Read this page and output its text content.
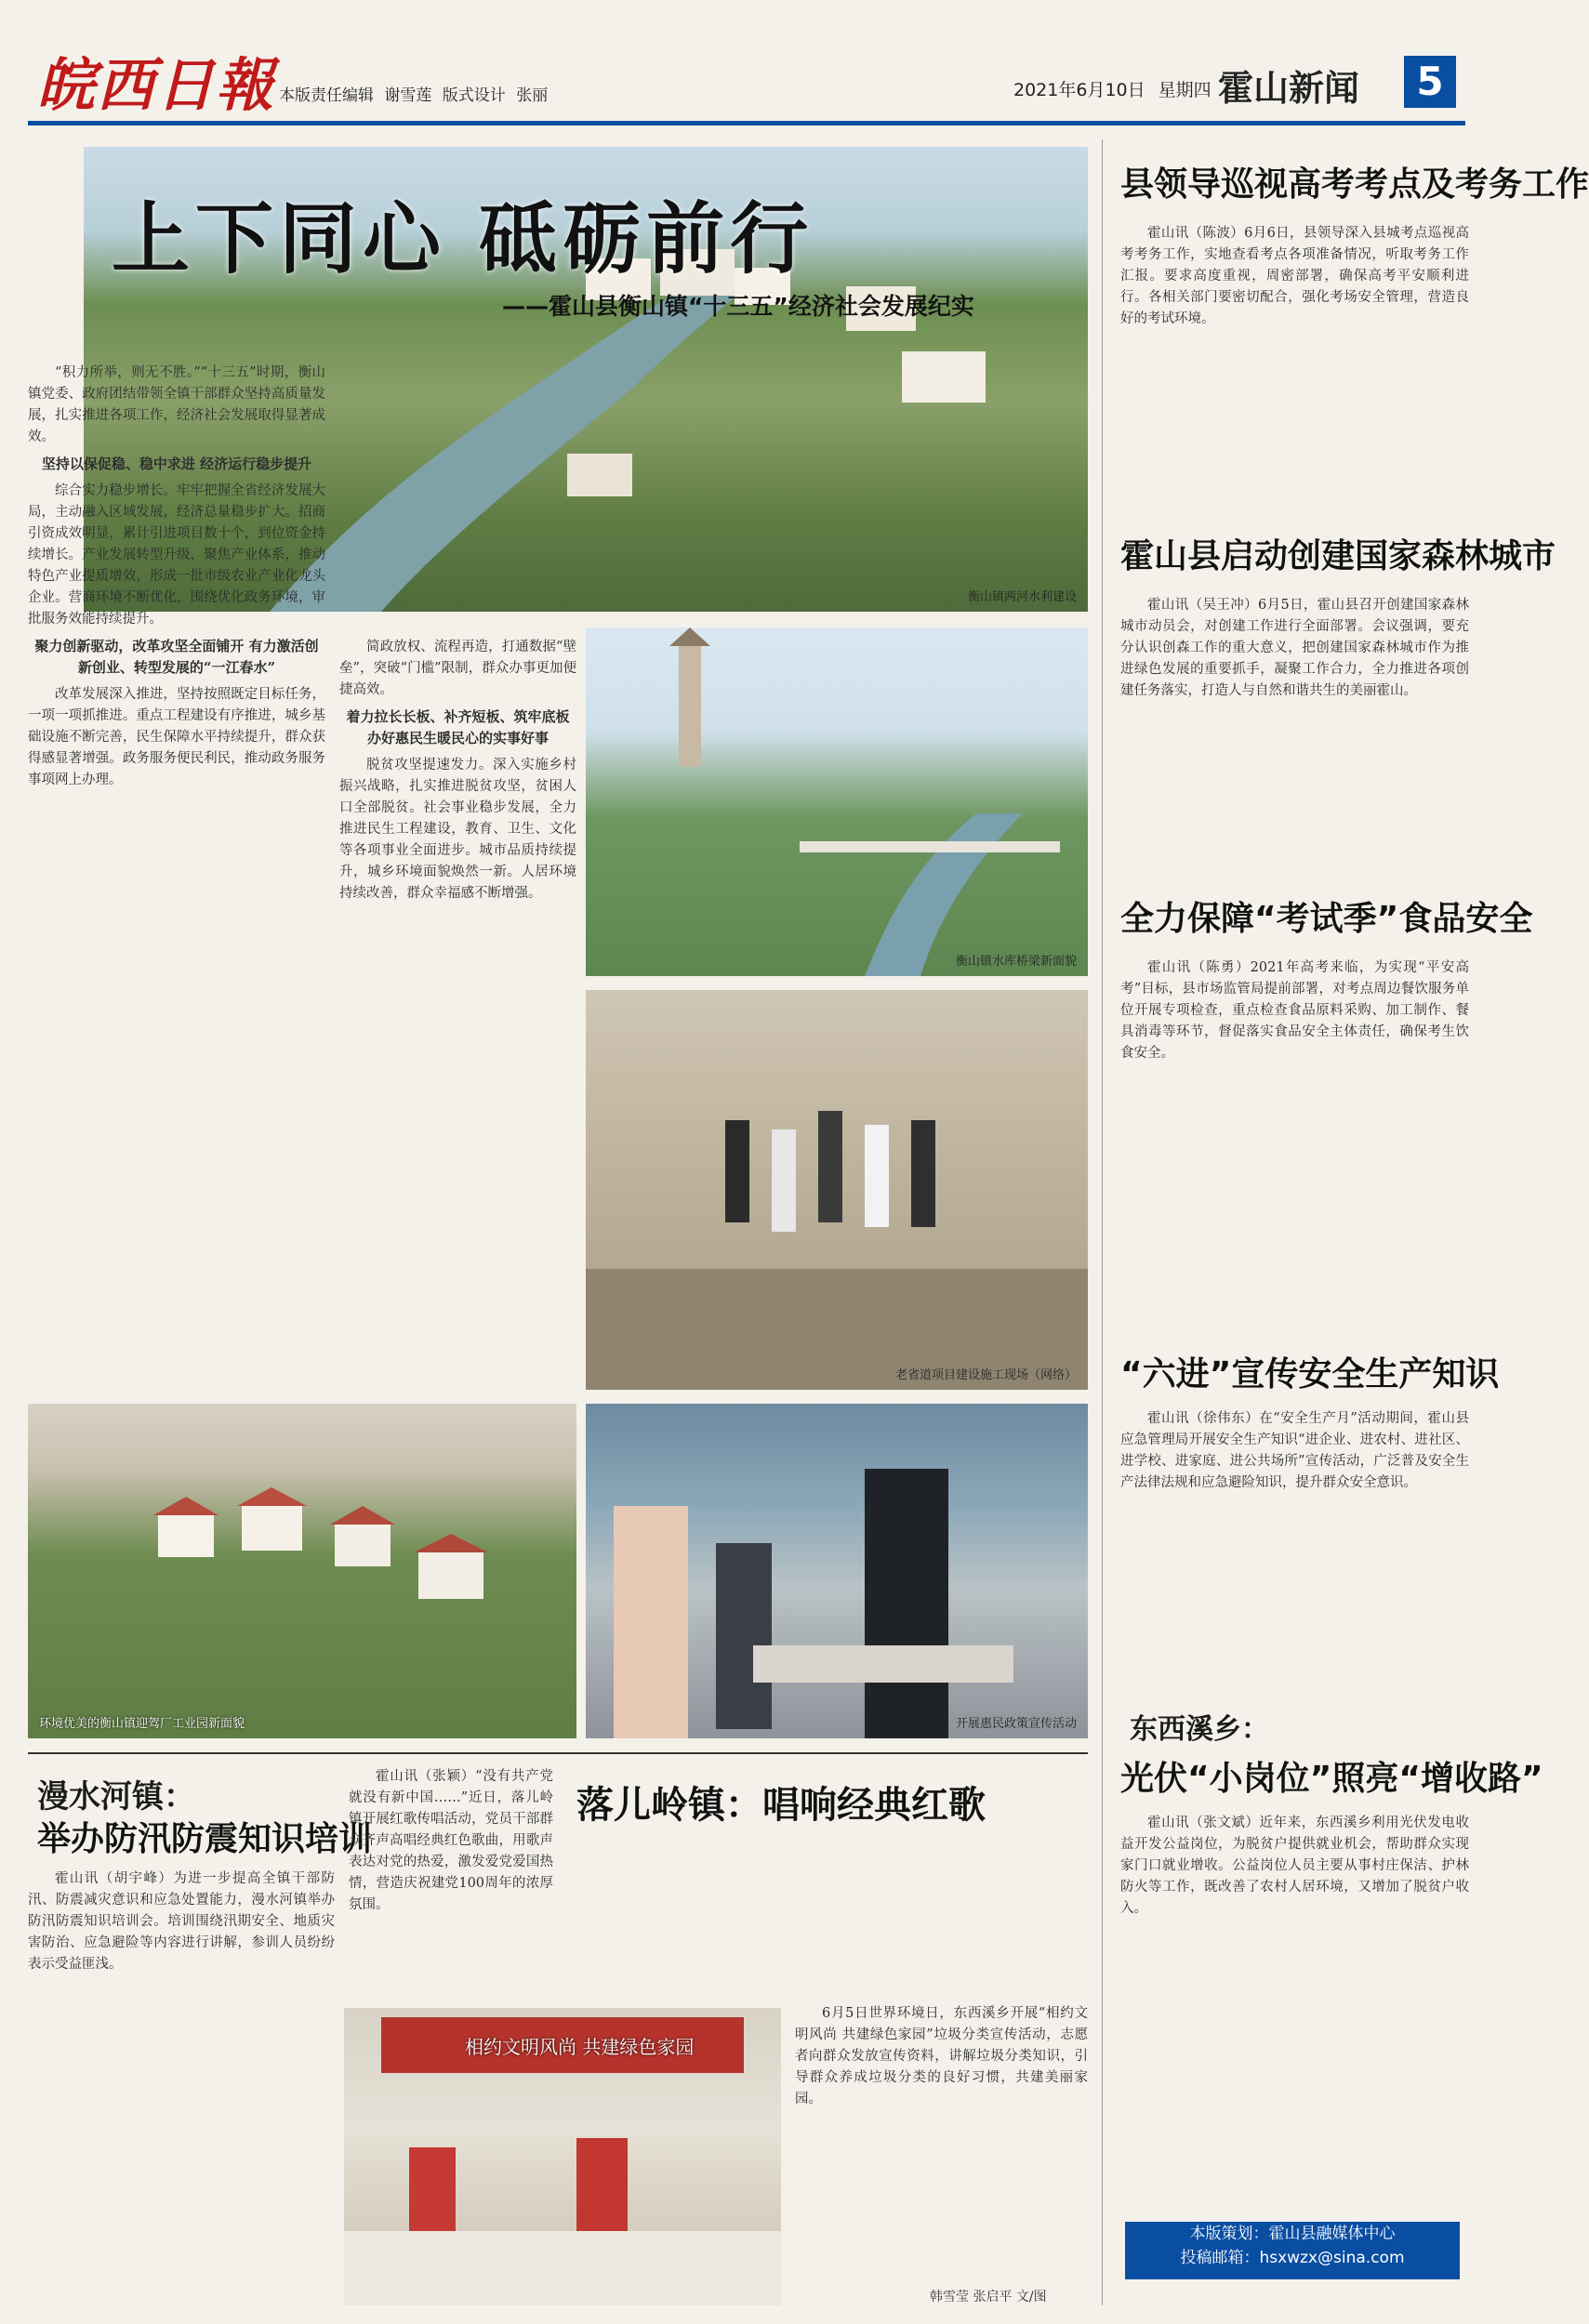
皖西日報 本版责任编辑 谢雪莲 版式设计 张丽	2021年6月10日 星期四 霍山新闻	5
衡山镇两河水利建设
上下同心 砥砺前行
——霍山县衡山镇“十三五”经济社会发展纪实

“积力所举，则无不胜。”“十三五”时期，衡山镇党委、政府团结带领全镇干部群众坚持高质量发展，扎实推进各项工作，经济社会发展取得显著成效。

坚持以保促稳、稳中求进 经济运行稳步提升

综合实力稳步增长。牢牢把握全省经济发展大局，主动融入区域发展，经济总量稳步扩大。招商引资成效明显，累计引进项目数十个，到位资金持续增长。产业发展转型升级，聚焦产业体系，推动特色产业提质增效，形成一批市级农业产业化龙头企业。营商环境不断优化，围绕优化政务环境，审批服务效能持续提升。

聚力创新驱动，改革攻坚全面铺开 有力激活创新创业、转型发展的“一江春水”

改革发展深入推进，坚持按照既定目标任务，一项一项抓推进。重点工程建设有序推进，城乡基础设施不断完善，民生保障水平持续提升，群众获得感显著增强。政务服务便民利民，推动政务服务事项网上办理。

简政放权、流程再造，打通数据“壁垒”，突破“门槛”限制，群众办事更加便捷高效。

着力拉长长板、补齐短板、筑牢底板 办好惠民生暖民心的实事好事

脱贫攻坚提速发力。深入实施乡村振兴战略，扎实推进脱贫攻坚，贫困人口全部脱贫。社会事业稳步发展，全力推进民生工程建设，教育、卫生、文化等各项事业全面进步。城市品质持续提升，城乡环境面貌焕然一新。人居环境持续改善，群众幸福感不断增强。

衡山镇水库桥梁新面貌
老省道项目建设施工现场（网络）
环境优美的衡山镇迎驾厂工业园新面貌	开展惠民政策宣传活动
县领导巡视高考考点及考务工作

霍山讯（陈波）6月6日，县领导深入县城考点巡视高考考务工作，实地查看考点各项准备情况，听取考务工作汇报。要求高度重视，周密部署，确保高考平安顺利进行。各相关部门要密切配合，强化考场安全管理，营造良好的考试环境。

霍山县启动创建国家森林城市

霍山讯（吴王冲）6月5日，霍山县召开创建国家森林城市动员会，对创建工作进行全面部署。会议强调，要充分认识创森工作的重大意义，把创建国家森林城市作为推进绿色发展的重要抓手，凝聚工作合力，全力推进各项创建任务落实，打造人与自然和谐共生的美丽霍山。

全力保障“考试季”食品安全

霍山讯（陈勇）2021年高考来临，为实现“平安高考”目标，县市场监管局提前部署，对考点周边餐饮服务单位开展专项检查，重点检查食品原料采购、加工制作、餐具消毒等环节，督促落实食品安全主体责任，确保考生饮食安全。

“六进”宣传安全生产知识

霍山讯（徐伟东）在“安全生产月”活动期间，霍山县应急管理局开展安全生产知识“进企业、进农村、进社区、进学校、进家庭、进公共场所”宣传活动，广泛普及安全生产法律法规和应急避险知识，提升群众安全意识。

东西溪乡：
光伏“小岗位”照亮“增收路”

霍山讯（张文斌）近年来，东西溪乡利用光伏发电收益开发公益岗位，为脱贫户提供就业机会，帮助群众实现家门口就业增收。公益岗位人员主要从事村庄保洁、护林防火等工作，既改善了农村人居环境，又增加了脱贫户收入。

本版策划：霍山县融媒体中心
投稿邮箱：hsxwzx@sina.com
漫水河镇：
举办防汛防震知识培训

霍山讯（胡宇峰）为进一步提高全镇干部防汛、防震减灾意识和应急处置能力，漫水河镇举办防汛防震知识培训会。培训围绕汛期安全、地质灾害防治、应急避险等内容进行讲解，参训人员纷纷表示受益匪浅。

霍山讯（张颖）“没有共产党就没有新中国……”近日，落儿岭镇开展红歌传唱活动，党员干部群众齐声高唱经典红色歌曲，用歌声表达对党的热爱，激发爱党爱国热情，营造庆祝建党100周年的浓厚氛围。

落儿岭镇：唱响经典红歌
相约文明风尚 共建绿色家园

6月5日世界环境日，东西溪乡开展“相约文明风尚 共建绿色家园”垃圾分类宣传活动，志愿者向群众发放宣传资料，讲解垃圾分类知识，引导群众养成垃圾分类的良好习惯，共建美丽家园。

韩雪莹 张启平 文/图
